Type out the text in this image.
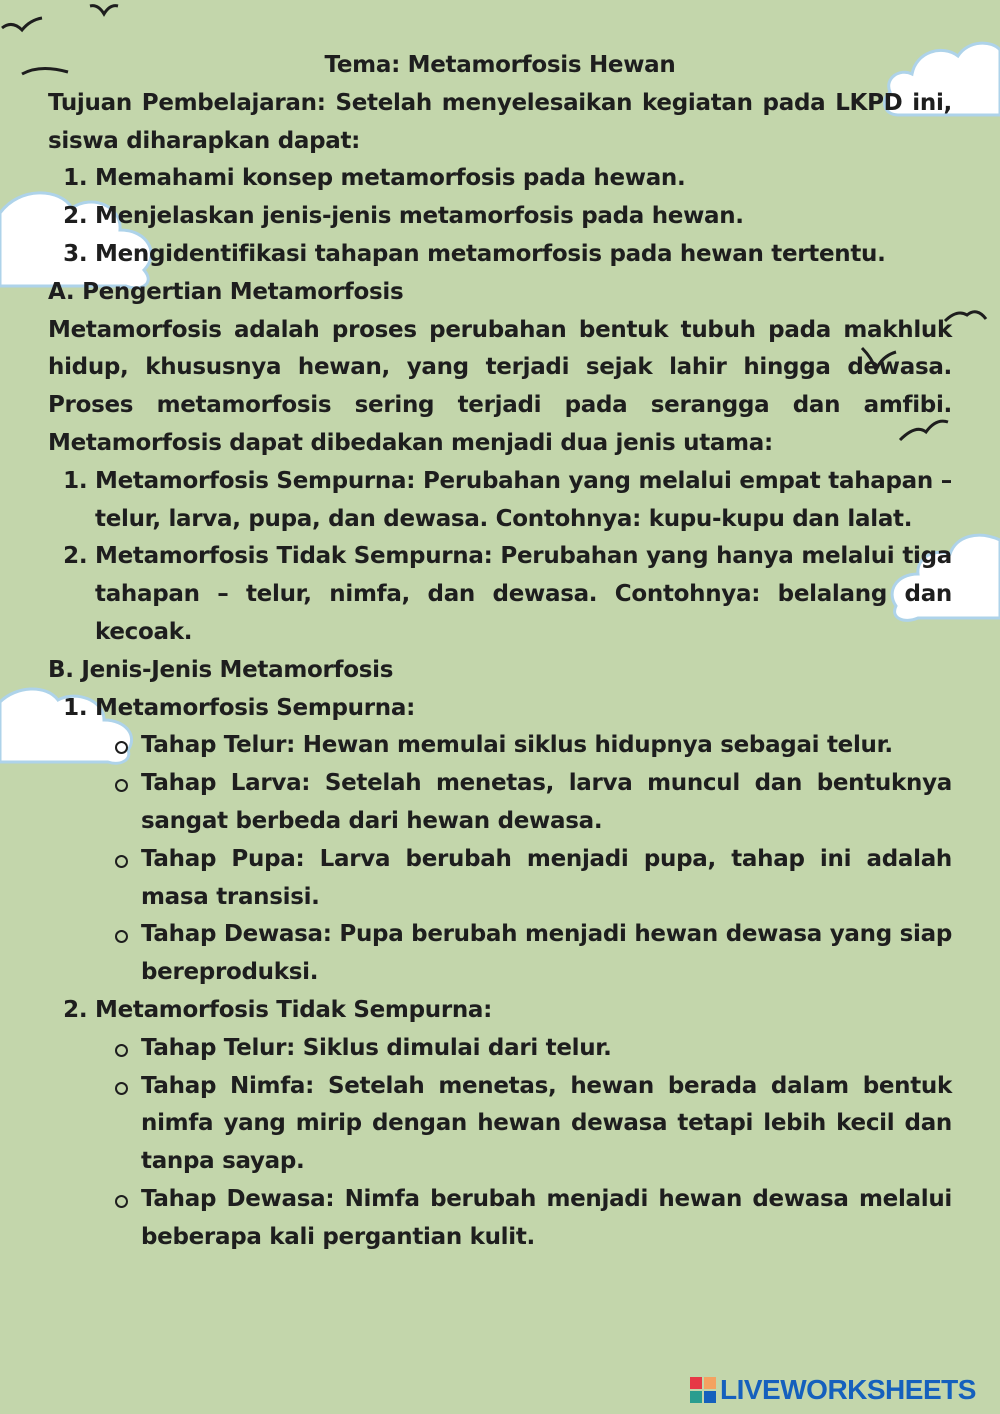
Tema: Metamorfosis Hewan

Tujuan Pembelajaran: Setelah menyelesaikan kegiatan pada LKPD ini, siswa diharapkan dapat:

1. Memahami konsep metamorfosis pada hewan.
2. Menjelaskan jenis-jenis metamorfosis pada hewan.
3. Mengidentifikasi tahapan metamorfosis pada hewan tertentu.

A. Pengertian Metamorfosis

Metamorfosis adalah proses perubahan bentuk tubuh pada makhluk hidup, khususnya hewan, yang terjadi sejak lahir hingga dewasa. Proses metamorfosis sering terjadi pada serangga dan amfibi. Metamorfosis dapat dibedakan menjadi dua jenis utama:

1. Metamorfosis Sempurna: Perubahan yang melalui empat tahapan – telur, larva, pupa, dan dewasa. Contohnya: kupu-kupu dan lalat.
2. Metamorfosis Tidak Sempurna: Perubahan yang hanya melalui tiga tahapan – telur, nimfa, dan dewasa. Contohnya: belalang dan kecoak.

B. Jenis-Jenis Metamorfosis

1. Metamorfosis Sempurna:
Tahap Telur: Hewan memulai siklus hidupnya sebagai telur.
Tahap Larva: Setelah menetas, larva muncul dan bentuknya sangat berbeda dari hewan dewasa.
Tahap Pupa: Larva berubah menjadi pupa, tahap ini adalah masa transisi.
Tahap Dewasa: Pupa berubah menjadi hewan dewasa yang siap bereproduksi.
2. Metamorfosis Tidak Sempurna:
Tahap Telur: Siklus dimulai dari telur.
Tahap Nimfa: Setelah menetas, hewan berada dalam bentuk nimfa yang mirip dengan hewan dewasa tetapi lebih kecil dan tanpa sayap.
Tahap Dewasa: Nimfa berubah menjadi hewan dewasa melalui beberapa kali pergantian kulit.
LIVEWORKSHEETS
